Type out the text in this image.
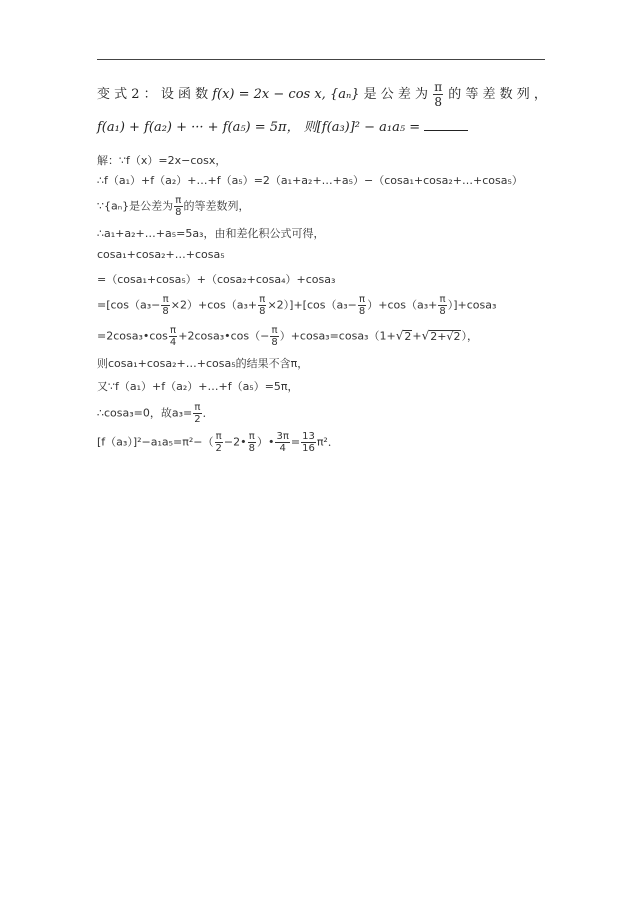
变 式 2 ： 设 函 数 f(x) = 2x − cos x, {aₙ} 是 公 差 为 $\frac{\pi}{8}$ 的 等 差 数 列 ，
f(a₁) + f(a₂) + ··· + f(a₅) = 5π， 则[f(a₃)]² − a₁a₅ =
解：∵f（x）=2x−cosx，
∴f（a₁）+f（a₂）+…+f（a₅）=2（a₁+a₂+…+a₅）−（cosa₁+cosa₂+…+cosa₅）
∵{aₙ}是公差为 $\frac{\pi}{8}$ 的等差数列，
∴a₁+a₂+…+a₅=5a₃，由和差化积公式可得，
cosa₁+cosa₂+…+cosa₅
=（cosa₁+cosa₅）+（cosa₂+cosa₄）+cosa₃
$=[\cos(a_3- \frac{\pi}{8} \times 2)+\cos(a_3+ \frac{\pi}{8} \times 2)]+[\cos(a_3- \frac{\pi}{8} )+\cos(a_3+ \frac{\pi}{8} )]+\cos a_3$
=2cosa₃•cos $\frac{\pi}{4}$ +2cosa₃•cos（− $\frac{\pi}{8} )+\cos a_3=\cos a_3(1+√2+√2+√2)$，
则cosa₁+cosa₂+…+cosa₅的结果不含π，
又∵f（a₁）+f（a₂）+…+f（a₅）=5π，
∴cosa₃=0，故$a_3= \frac{\pi}{2}$ ．
$[f(a_3)]^2-a_1a_5=\pi^2-( \frac{\pi}{2}$ −2• $\frac{\pi}{8}$ ）• $\frac{3\pi}{4} = \frac{13}{16} \pi^2$．
